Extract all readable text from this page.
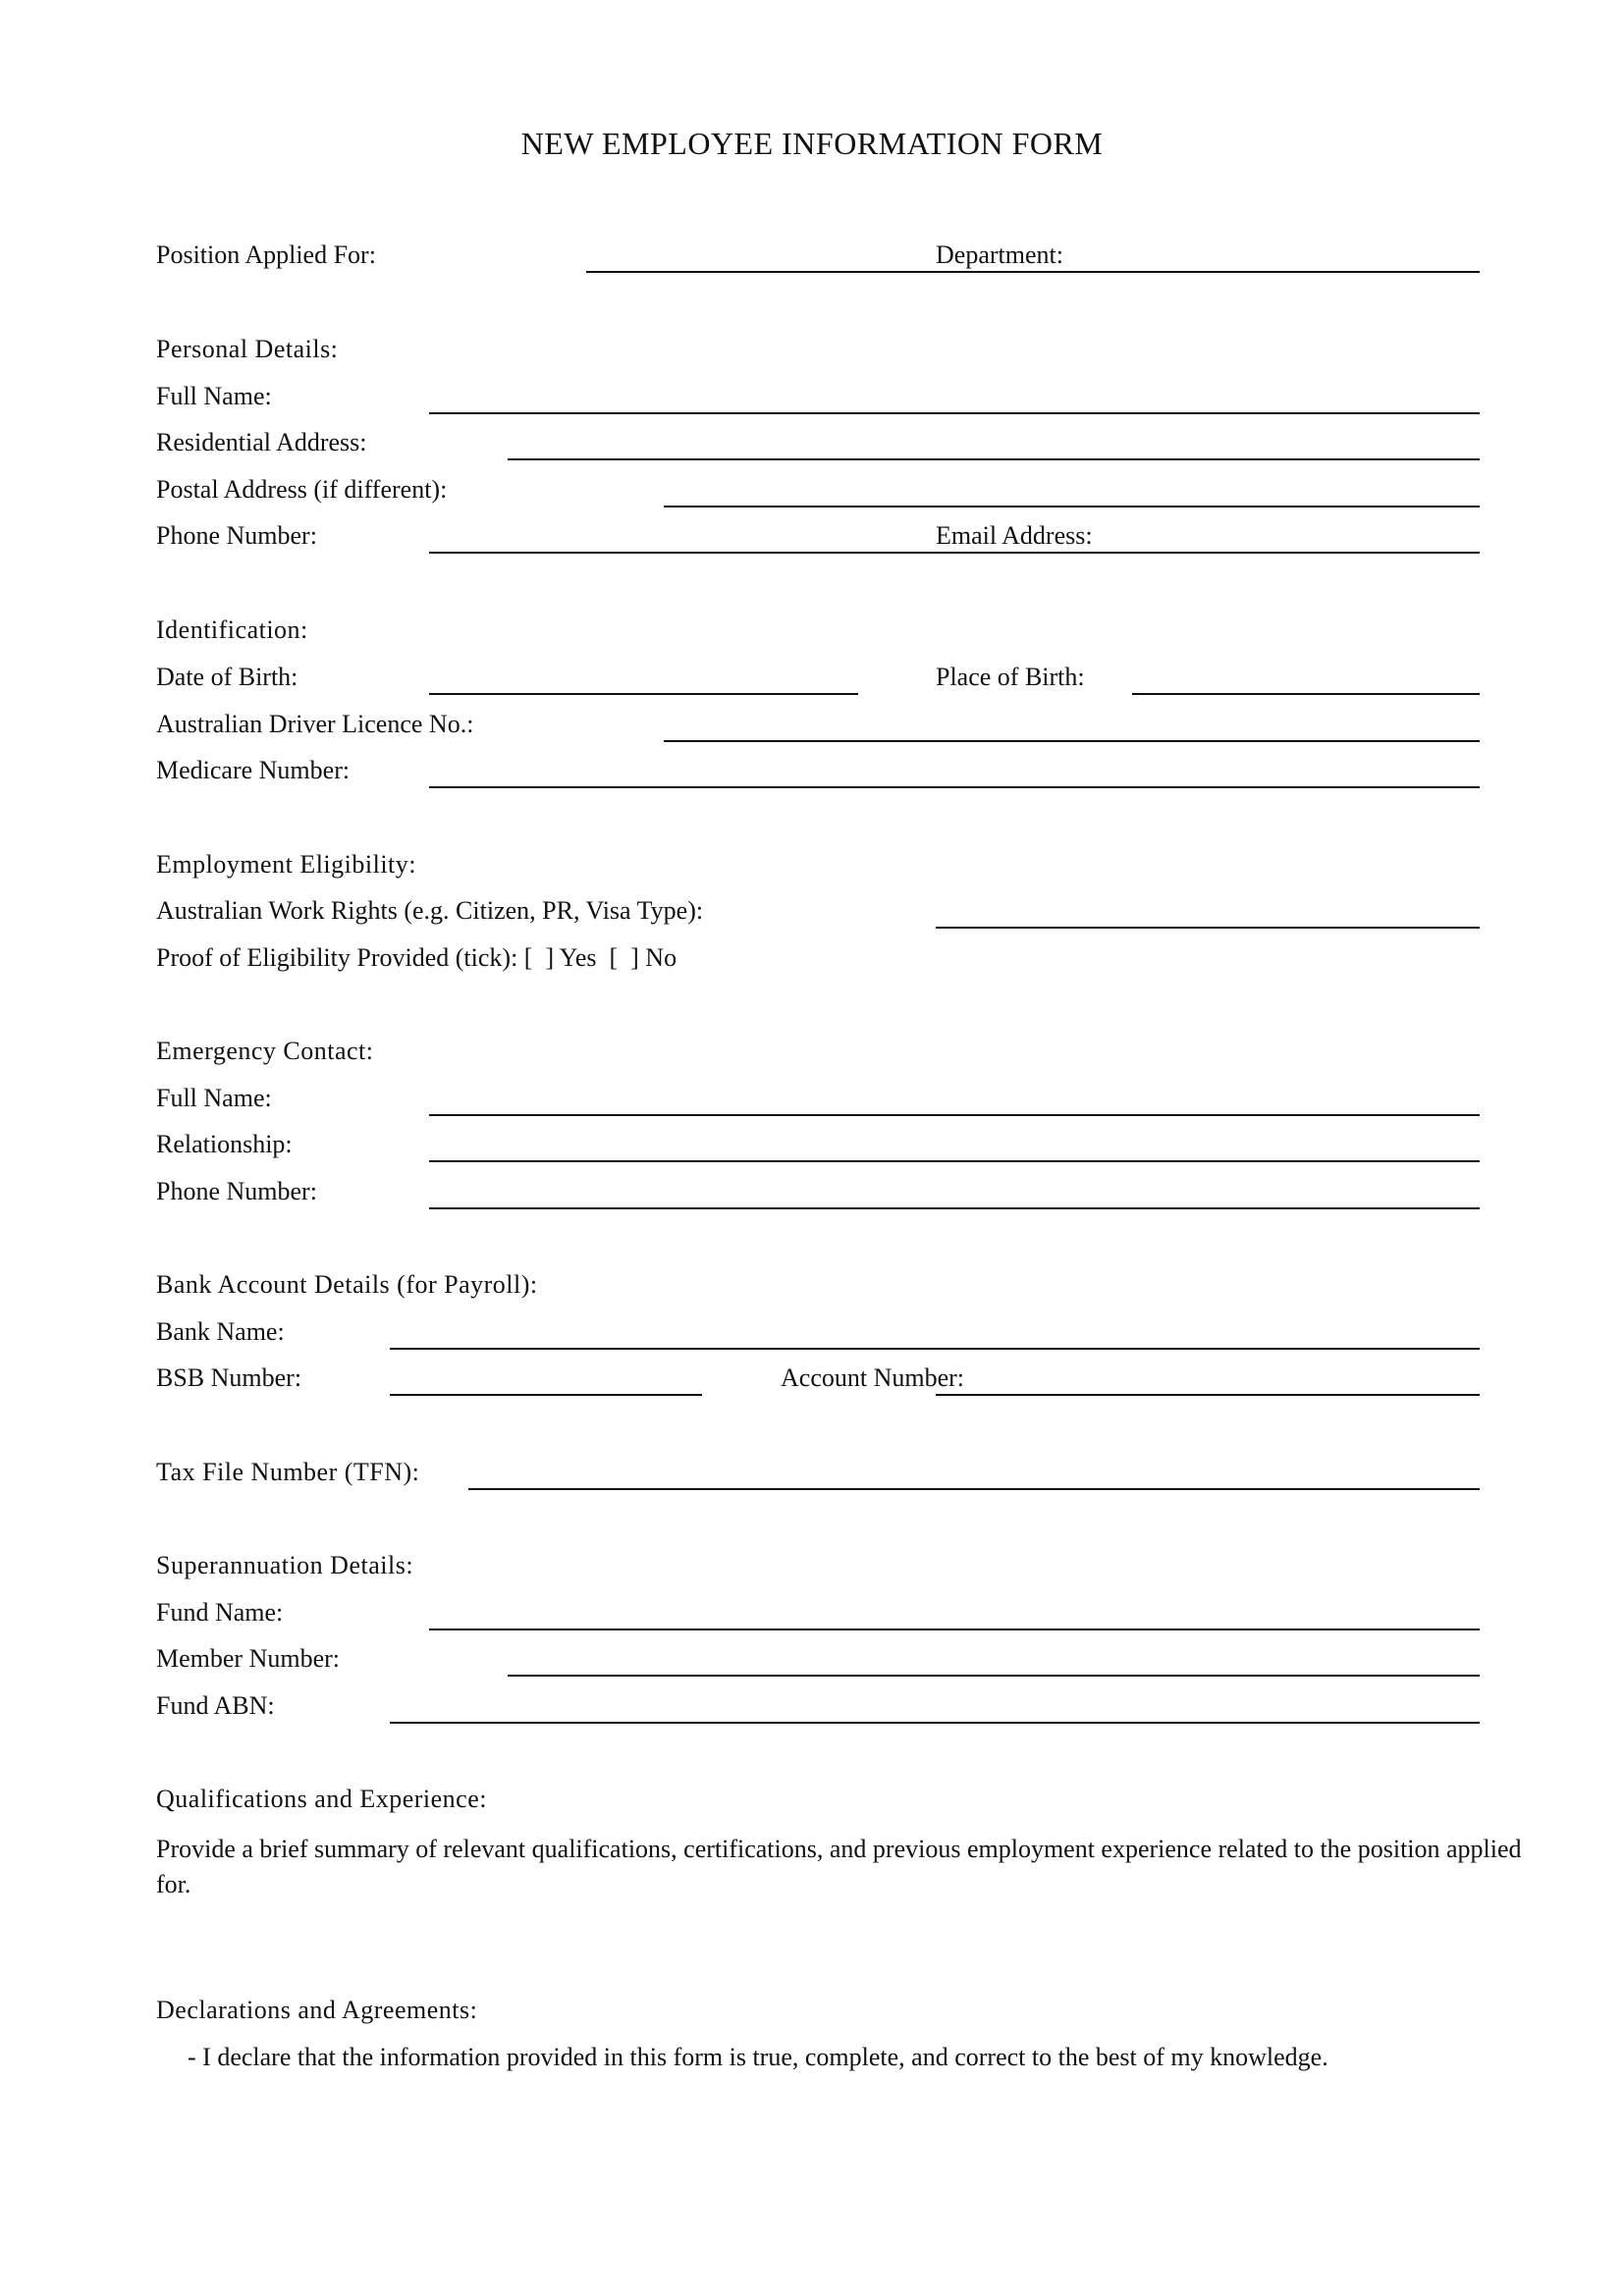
NEW EMPLOYEE INFORMATION FORM
Position Applied For:	Department:
Personal Details:
Full Name:
Residential Address:
Postal Address (if different):
Phone Number:	Email Address:
Identification:
Date of Birth:	Place of Birth:
Australian Driver Licence No.:
Medicare Number:
Employment Eligibility:
Australian Work Rights (e.g. Citizen, PR, Visa Type):
Proof of Eligibility Provided (tick): [  ] Yes  [  ] No
Emergency Contact:
Full Name:
Relationship:
Phone Number:
Bank Account Details (for Payroll):
Bank Name:
BSB Number:	Account Number:
Tax File Number (TFN):
Superannuation Details:
Fund Name:
Member Number:
Fund ABN:
Qualifications and Experience:
Provide a brief summary of relevant qualifications, certifications, and previous employment experience related to the position applied for.
Declarations and Agreements:
- I declare that the information provided in this form is true, complete, and correct to the best of my knowledge.
